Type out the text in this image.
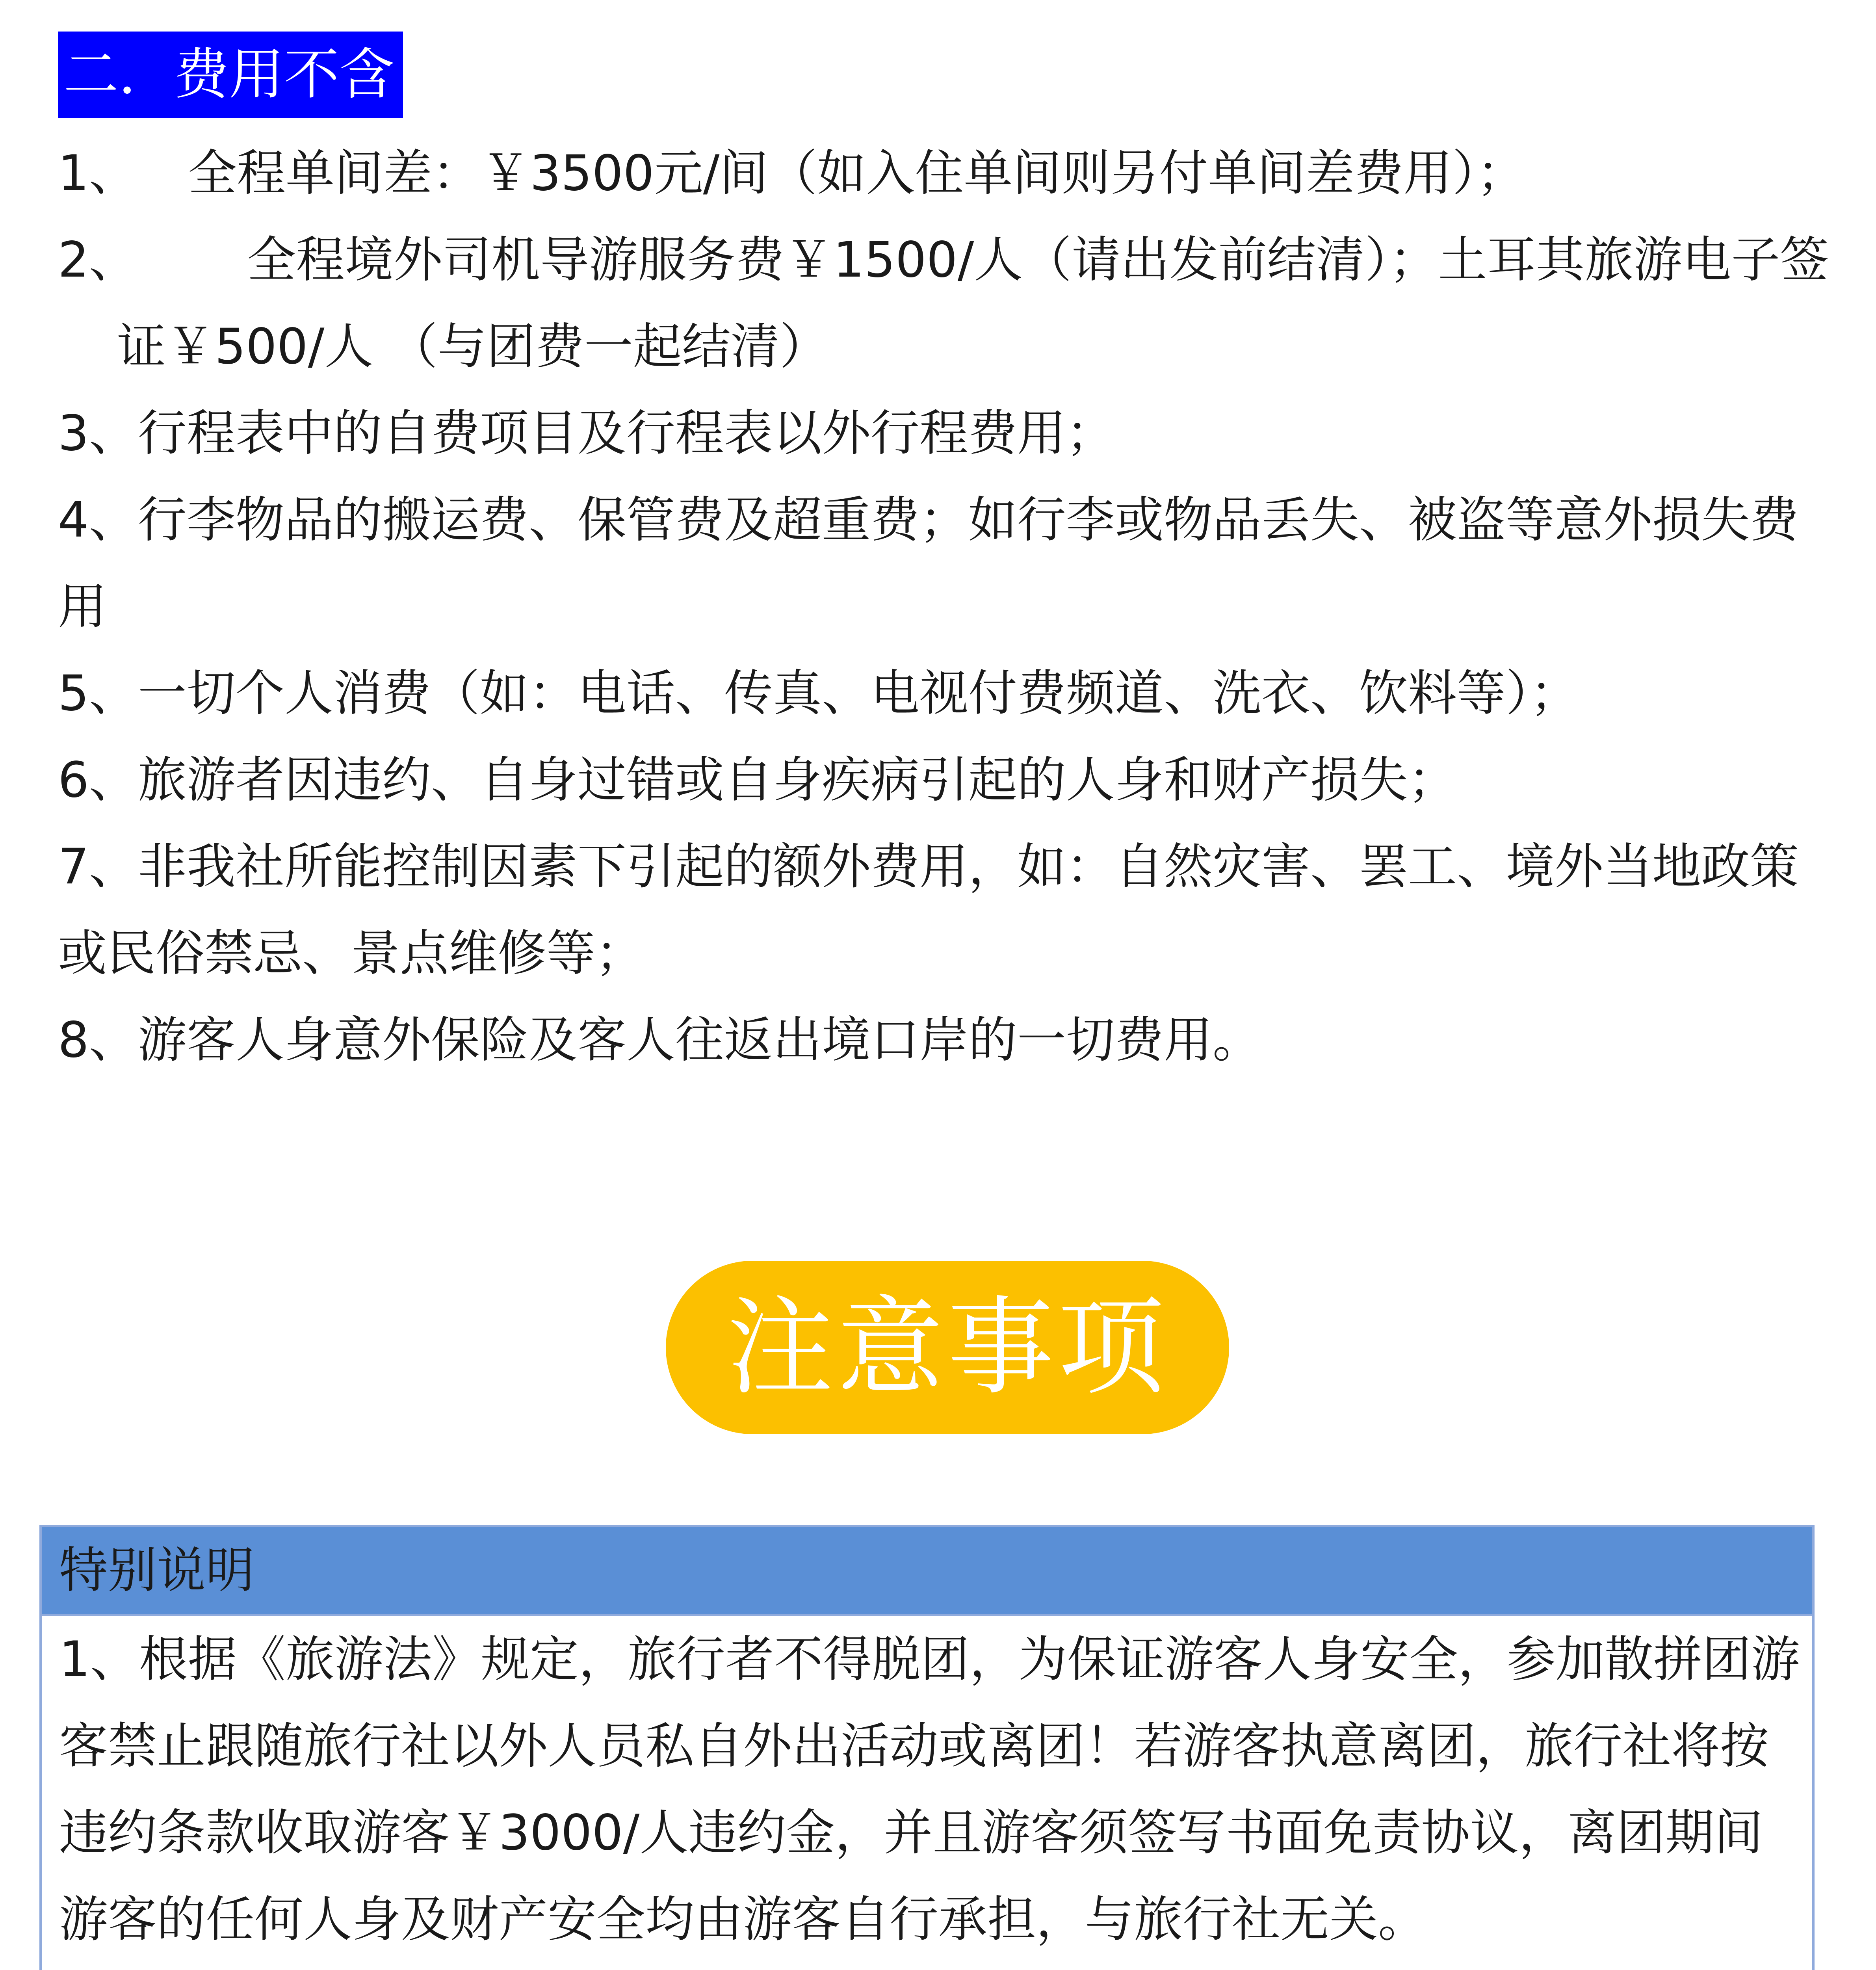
二．费用不含
1、 全程单间差：￥3500元/间（如入住单间则另付单间差费用）；
2、 全程境外司机导游服务费￥1500/人（请出发前结清）；土耳其旅游电子签证￥500/人 （与团费一起结清）
3、行程表中的自费项目及行程表以外行程费用；
4、行李物品的搬运费、保管费及超重费；如行李或物品丢失、被盗等意外损失费用
5、一切个人消费（如：电话、传真、电视付费频道、洗衣、饮料等）；
6、旅游者因违约、自身过错或自身疾病引起的人身和财产损失；
7、非我社所能控制因素下引起的额外费用，如：自然灾害、罢工、境外当地政策或民俗禁忌、景点维修等；
8、游客人身意外保险及客人往返出境口岸的一切费用。
注意事项
特别说明

1、根据《旅游法》规定，旅行者不得脱团，为保证游客人身安全，参加散拼团游客禁止跟随旅行社以外人员私自外出活动或离团！若游客执意离团，旅行社将按违约条款收取游客￥3000/人违约金，并且游客须签写书面免责协议，离团期间游客的任何人身及财产安全均由游客自行承担，与旅行社无关。
